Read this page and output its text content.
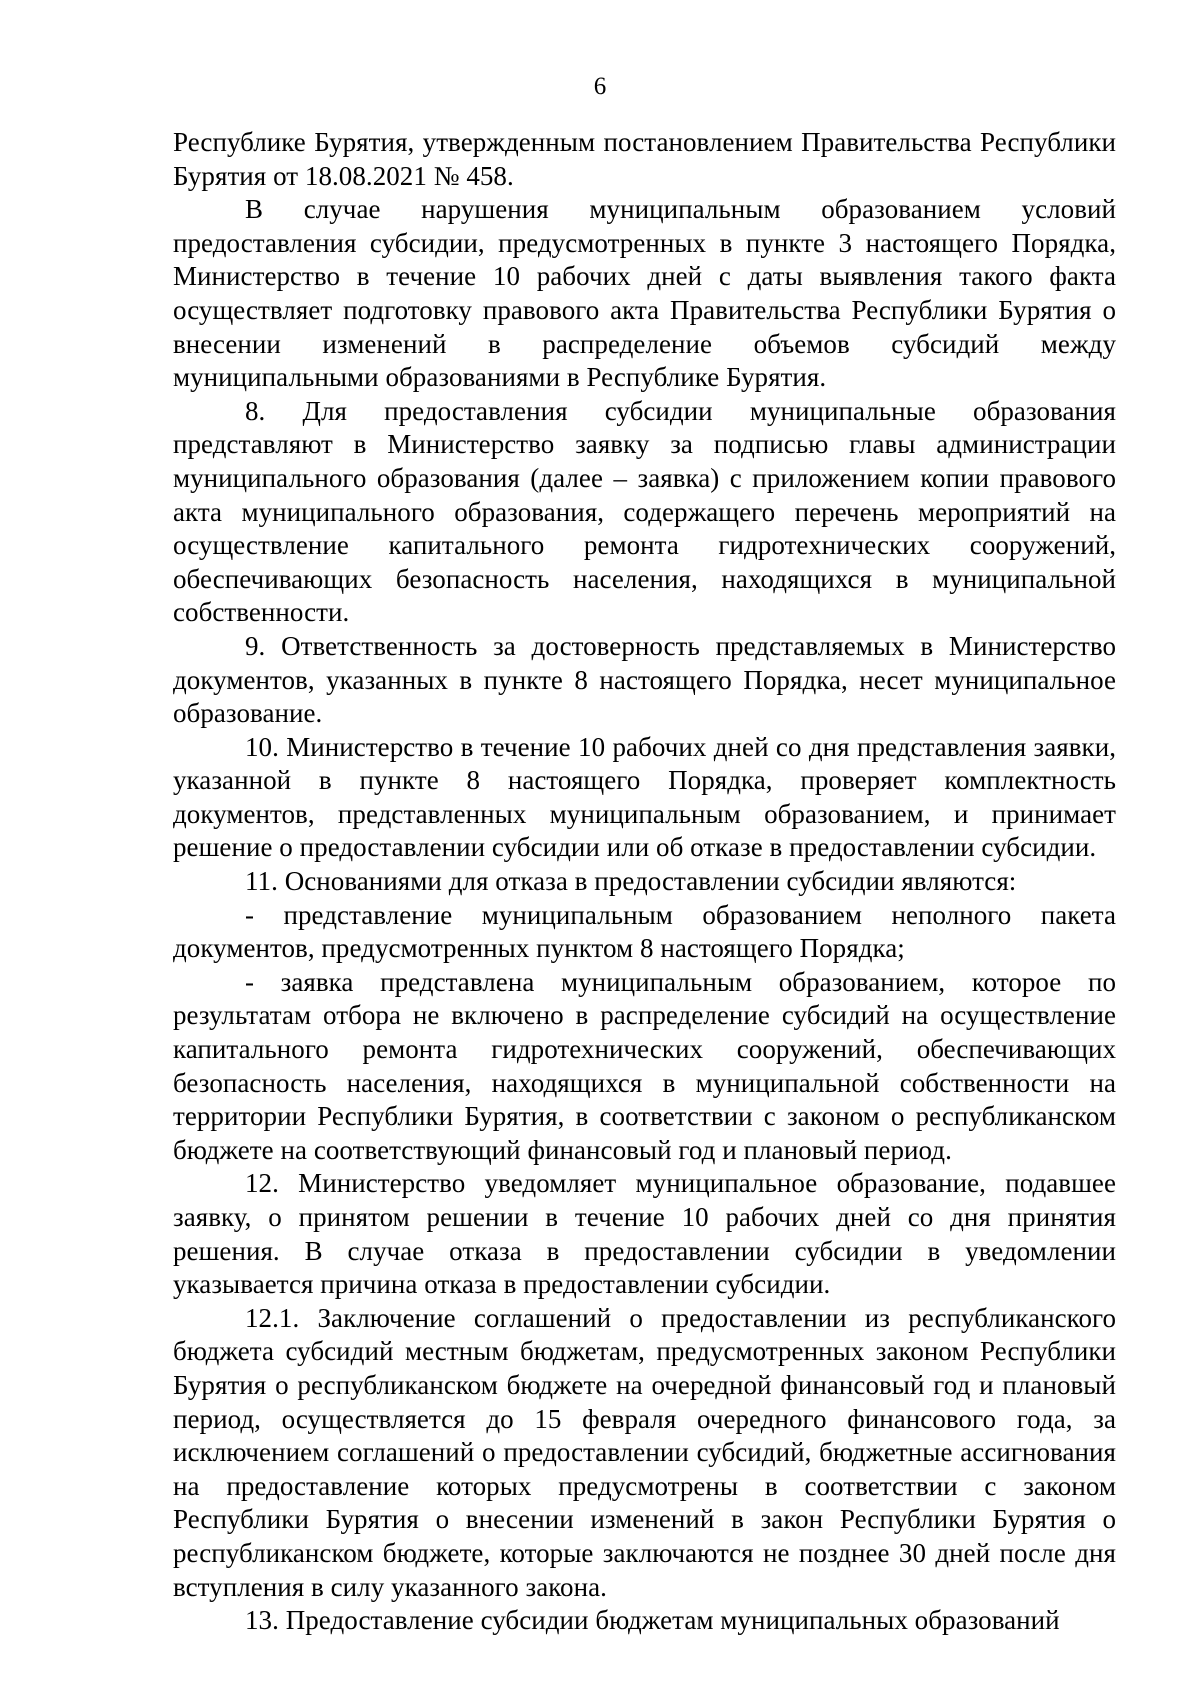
6

Республике Бурятия, утвержденным постановлением Правительства Республики Бурятия от 18.08.2021 № 458.

В случае нарушения муниципальным образованием условий предоставления субсидии, предусмотренных в пункте 3 настоящего Порядка, Министерство в течение 10 рабочих дней с даты выявления такого факта осуществляет подготовку правового акта Правительства Республики Бурятия о внесении изменений в распределение объемов субсидий между муниципальными образованиями в Республике Бурятия.

8. Для предоставления субсидии муниципальные образования представляют в Министерство заявку за подписью главы администрации муниципального образования (далее – заявка) с приложением копии правового акта муниципального образования, содержащего перечень мероприятий на осуществление капитального ремонта гидротехнических сооружений, обеспечивающих безопасность населения, находящихся в муниципальной собственности.

9. Ответственность за достоверность представляемых в Министерство документов, указанных в пункте 8 настоящего Порядка, несет муниципальное образование.

10. Министерство в течение 10 рабочих дней со дня представления заявки, указанной в пункте 8 настоящего Порядка, проверяет комплектность документов, представленных муниципальным образованием, и принимает решение о предоставлении субсидии или об отказе в предоставлении субсидии.

11. Основаниями для отказа в предоставлении субсидии являются:

- представление муниципальным образованием неполного пакета документов, предусмотренных пунктом 8 настоящего Порядка;

- заявка представлена муниципальным образованием, которое по результатам отбора не включено в распределение субсидий на осуществление капитального ремонта гидротехнических сооружений, обеспечивающих безопасность населения, находящихся в муниципальной собственности на территории Республики Бурятия, в соответствии с законом о республиканском бюджете на соответствующий финансовый год и плановый период.

12. Министерство уведомляет муниципальное образование, подавшее заявку, о принятом решении в течение 10 рабочих дней со дня принятия решения. В случае отказа в предоставлении субсидии в уведомлении указывается причина отказа в предоставлении субсидии.

12.1. Заключение соглашений о предоставлении из республиканского бюджета субсидий местным бюджетам, предусмотренных законом Республики Бурятия о республиканском бюджете на очередной финансовый год и плановый период, осуществляется до 15 февраля очередного финансового года, за исключением соглашений о предоставлении субсидий, бюджетные ассигнования на предоставление которых предусмотрены в соответствии с законом Республики Бурятия о внесении изменений в закон Республики Бурятия о республиканском бюджете, которые заключаются не позднее 30 дней после дня вступления в силу указанного закона.

13. Предоставление субсидии бюджетам муниципальных образований
